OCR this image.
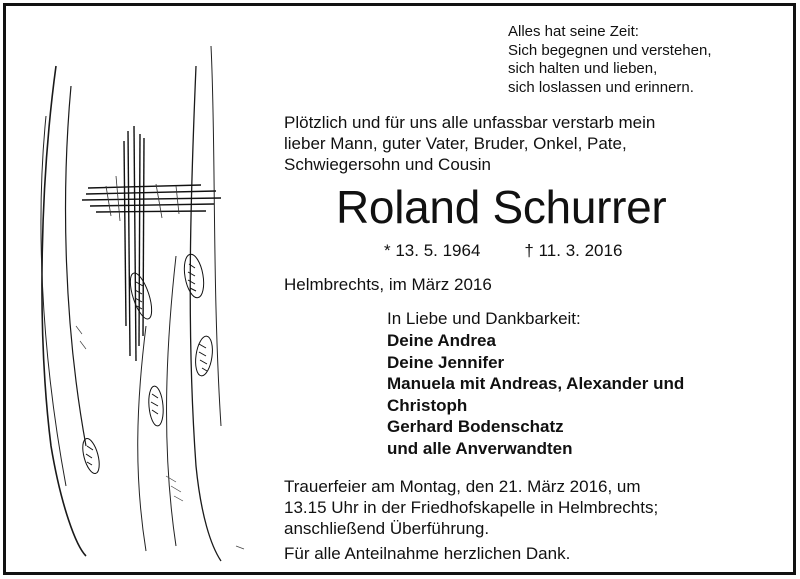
Alles hat seine Zeit:
Sich begegnen und verstehen,
sich halten und lieben,
sich loslassen und erinnern.
Plötzlich und für uns alle unfassbar verstarb mein
lieber Mann, guter Vater, Bruder, Onkel, Pate,
Schwiegersohn und Cousin
Roland Schurrer
* 13. 5. 1964	† 11. 3. 2016
Helmbrechts, im März 2016
In Liebe und Dankbarkeit:
Deine Andrea
Deine Jennifer
Manuela mit Andreas, Alexander und
Christoph
Gerhard Bodenschatz
und alle Anverwandten
Trauerfeier am Montag, den 21. März 2016, um
13.15 Uhr in der Friedhofskapelle in Helmbrechts;
anschließend Überführung.
Für alle Anteilnahme herzlichen Dank.
